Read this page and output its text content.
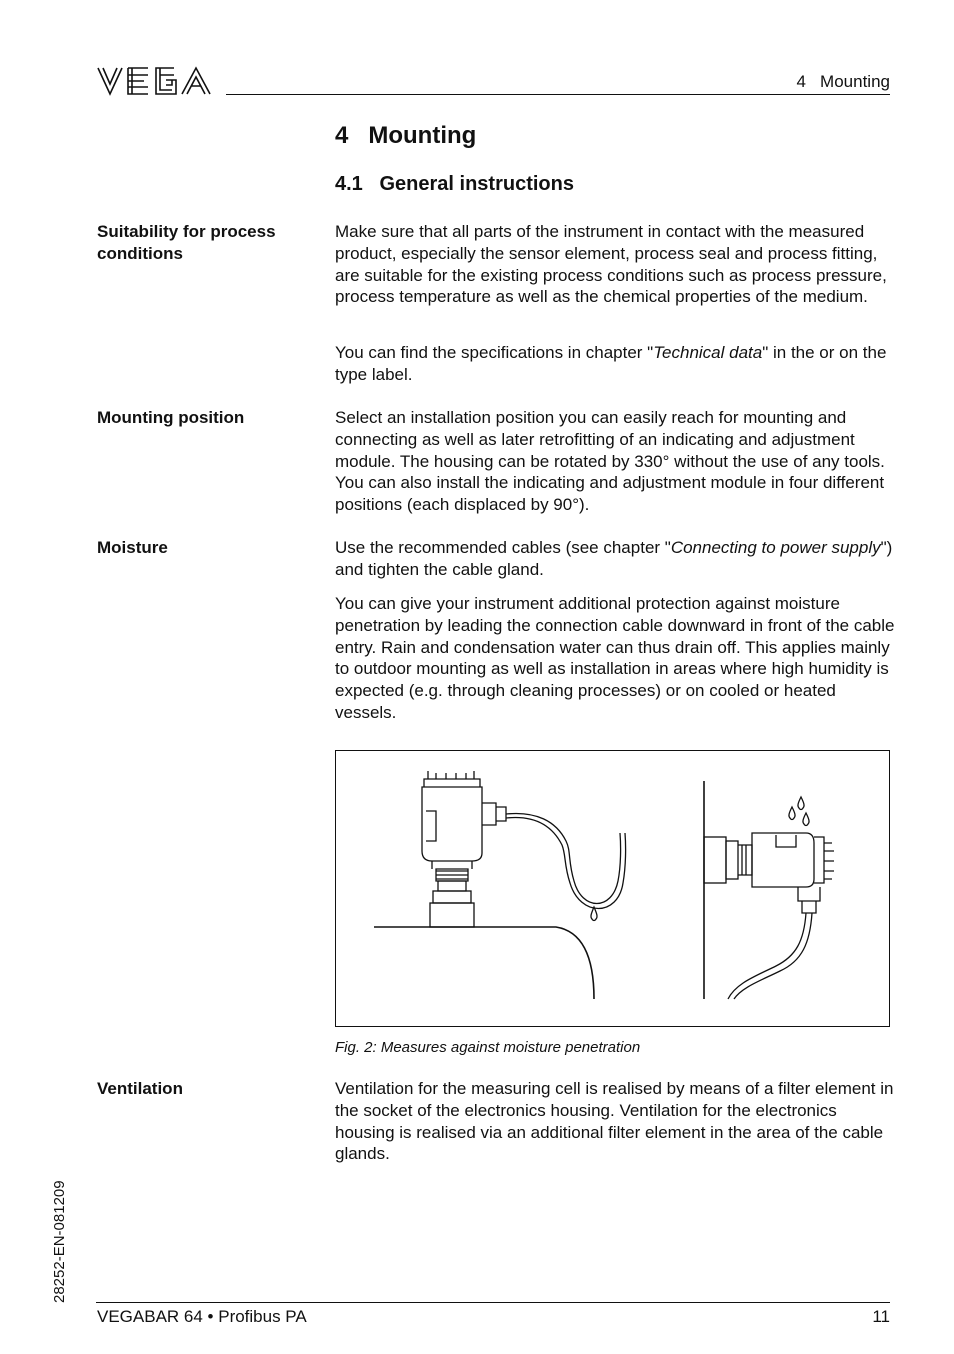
4   Mounting
4   Mounting
4.1   General instructions
Suitability for process conditions

Make sure that all parts of the instrument in contact with the measured product, especially the sensor element, process seal and process fitting, are suitable for the existing process conditions such as process pressure, process temperature as well as the chemical properties of the medium.

You can find the specifications in chapter "Technical data" in the or on the type label.

Mounting position	Select an installation position you can easily reach for mounting and connecting as well as later retrofitting of an indicating and adjustment module. The housing can be rotated by 330° without the use of any tools. You can also install the indicating and adjustment module in four different positions (each displaced by 90°).

Moisture	Use the recommended cables (see chapter "Connecting to power supply") and tighten the cable gland.

You can give your instrument additional protection against moisture penetration by leading the connection cable downward in front of the cable entry. Rain and condensation water can thus drain off. This applies mainly to outdoor mounting as well as installation in areas where high humidity is expected (e.g. through cleaning processes) or on cooled or heated vessels.

Fig. 2: Measures against moisture penetration
Ventilation	Ventilation for the measuring cell is realised by means of a filter element in the socket of the electronics housing. Ventilation for the electronics housing is realised via an additional filter element in the area of the cable glands.

28252-EN-081209
VEGABAR 64 • Profibus PA	11
